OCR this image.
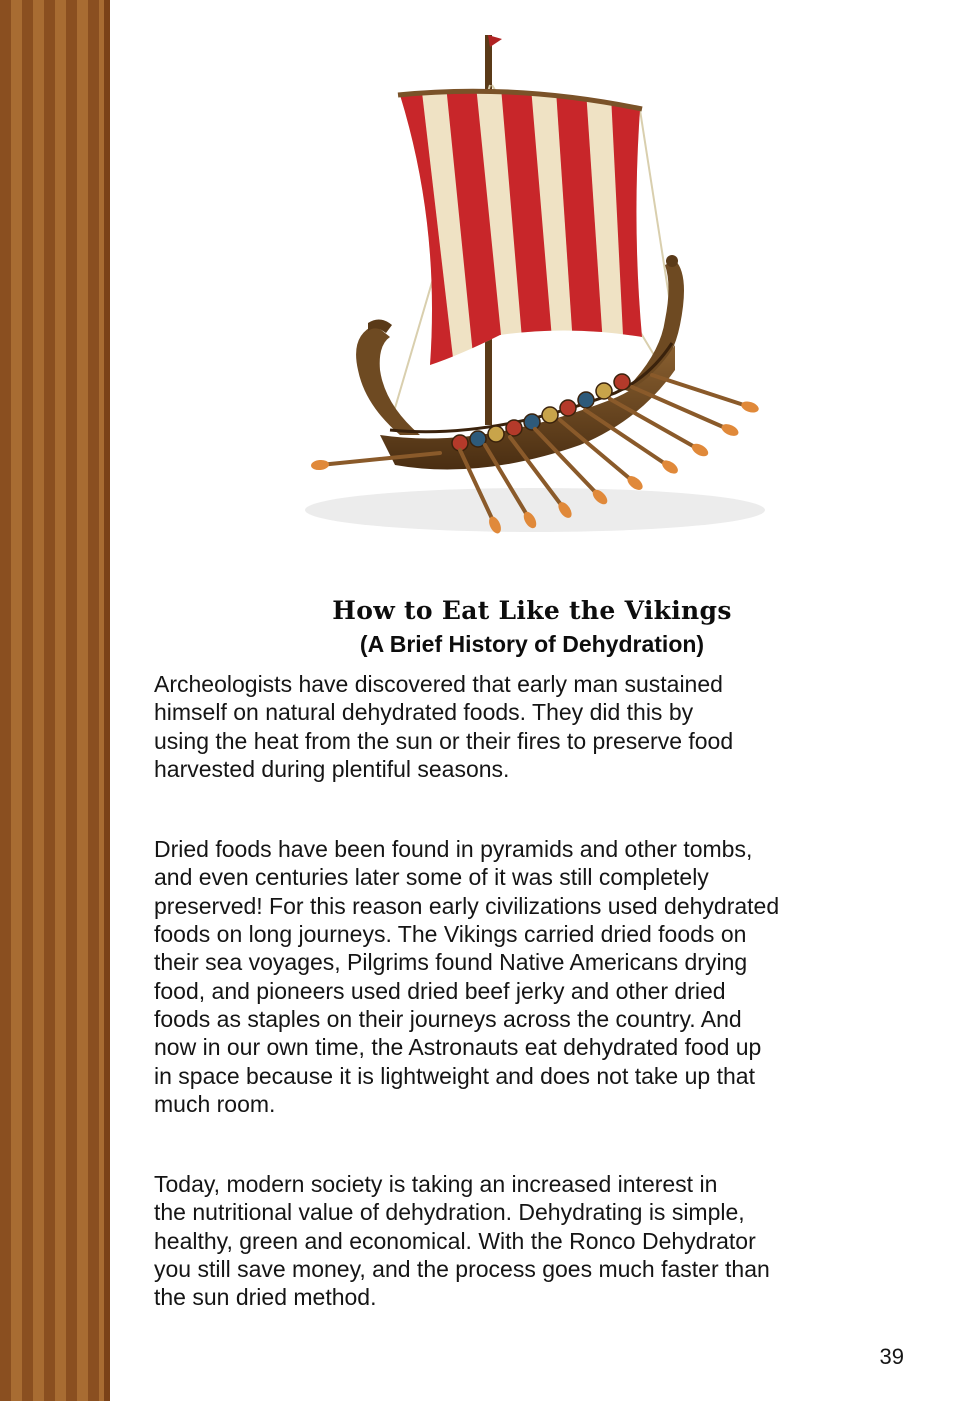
How to Eat Like the Vikings
(A Brief History of Dehydration)

Archeologists have discovered that early man sustained
himself on natural dehydrated foods. They did this by
using the heat from the sun or their fires to preserve food
harvested during plentiful seasons.

Dried foods have been found in pyramids and other tombs,
and even centuries later some of it was still completely
preserved! For this reason early civilizations used dehydrated
foods on long journeys. The Vikings carried dried foods on
their sea voyages, Pilgrims found Native Americans drying
food, and pioneers used dried beef jerky and other dried
foods as staples on their journeys across the country. And
now in our own time, the Astronauts eat dehydrated food up
in space because it is lightweight and does not take up that
much room.

Today, modern society is taking an increased interest in
the nutritional value of dehydration. Dehydrating is simple,
healthy, green and economical. With the Ronco Dehydrator
you still save money, and the process goes much faster than
the sun dried method.

39
